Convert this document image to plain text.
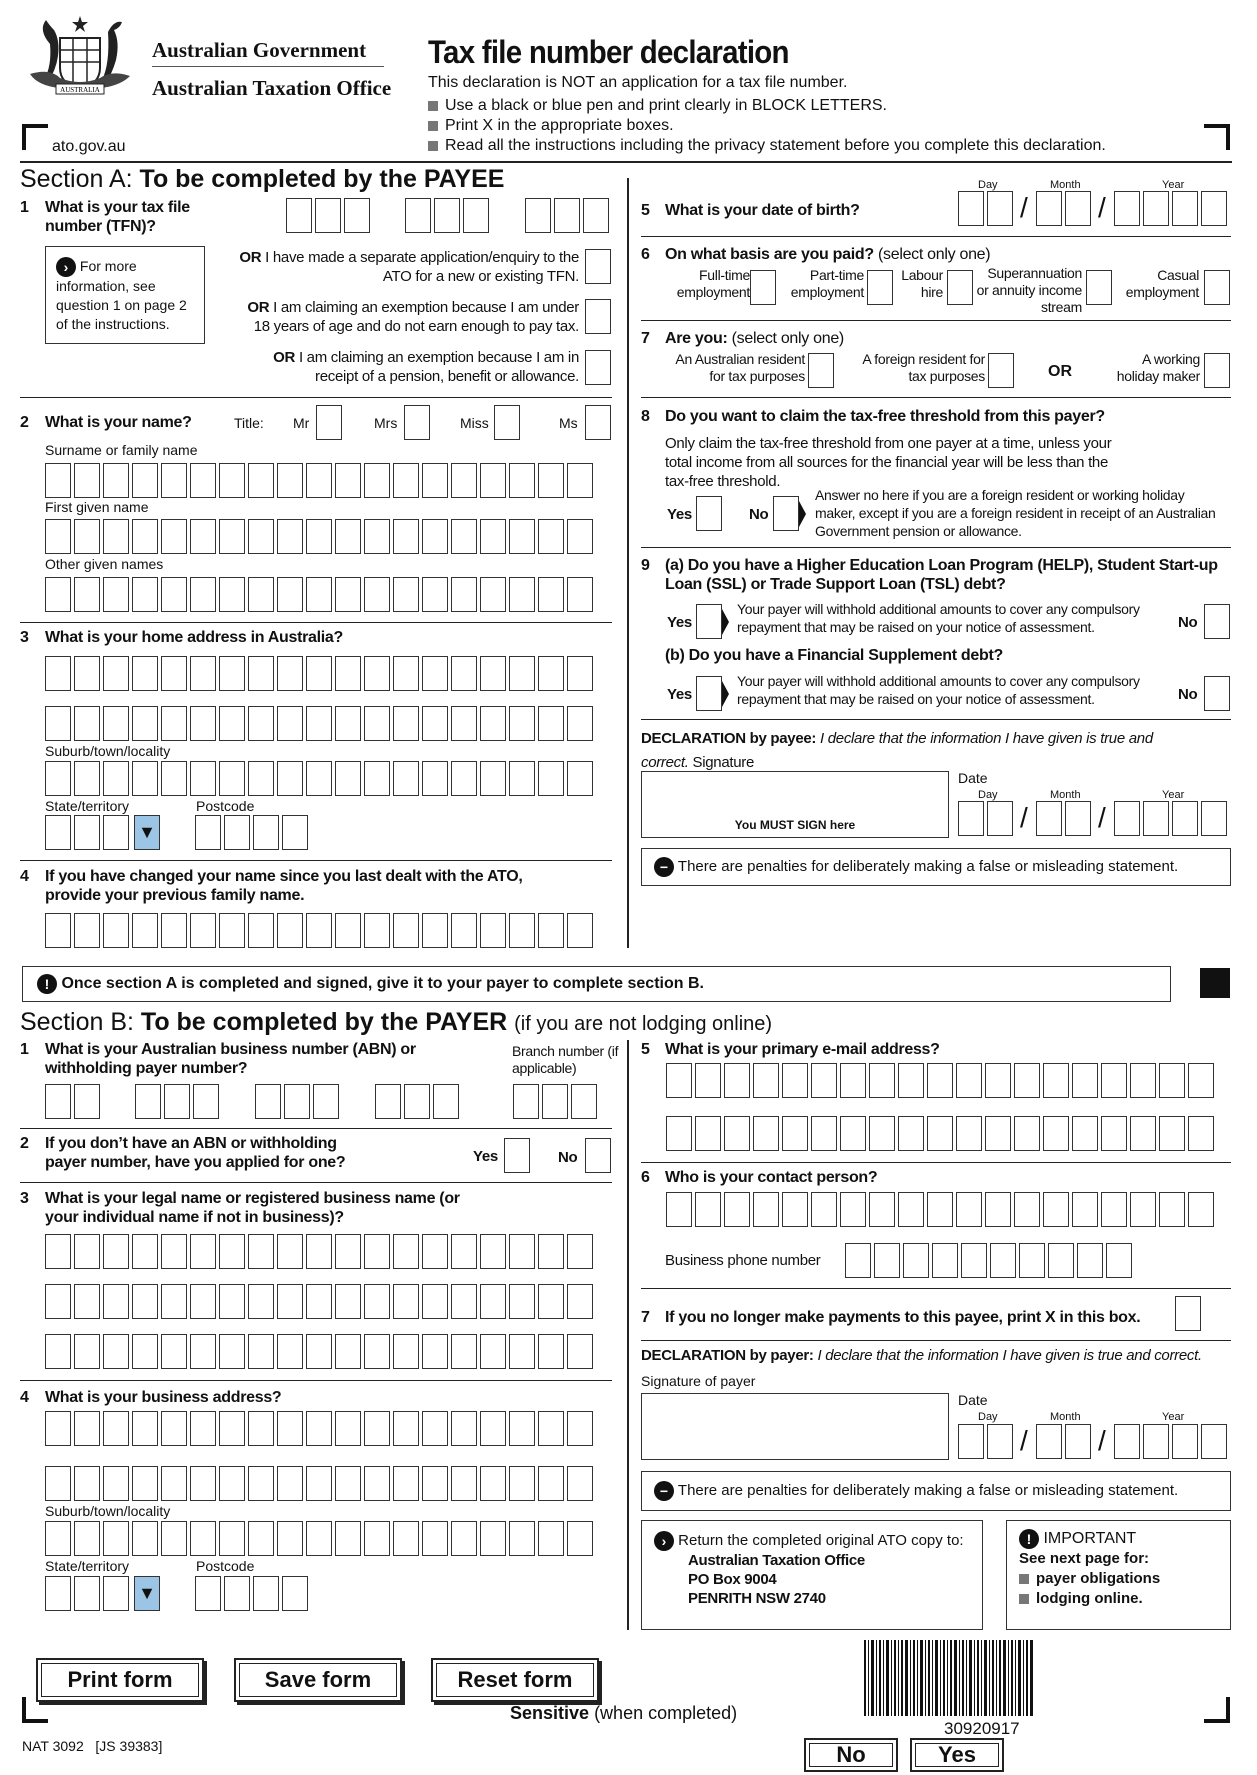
AUSTRALIA
Australian Government
Australian Taxation Office
ato.gov.au
Tax file number declaration
This declaration is NOT an application for a tax file number.
Use a black or blue pen and print clearly in BLOCK LETTERS.
Print X in the appropriate boxes.
Read all the instructions including the privacy statement before you complete this declaration.
Section A: To be completed by the PAYEE
1 What is your tax file number (TFN)?
› For more information, see question 1 on page 2 of the instructions.
OR I have made a separate application/enquiry to the ATO for a new or existing TFN.
OR I am claiming an exemption because I am under 18 years of age and do not earn enough to pay tax.
OR I am claiming an exemption because I am in receipt of a pension, benefit or allowance.
2 What is your name?	Title: Mr	Mrs	Miss	Ms
Surname or family name
First given name
Other given names
3 What is your home address in Australia?
Suburb/town/locality
State/territory	Postcode
▼
4 If you have changed your name since you last dealt with the ATO, provide your previous family name.
Day	Month	Year
5 What is your date of birth?	/	/
6 On what basis are you paid? (select only one)
Full-time employment
Part-time employment
Labour hire
Superannuation or annuity income stream
Casual employment
7 Are you: (select only one)
An Australian resident for tax purposes
A foreign resident for tax purposes	OR
A working holiday maker
8 Do you want to claim the tax-free threshold from this payer?
Only claim the tax-free threshold from one payer at a time, unless your total income from all sources for the financial year will be less than the tax-free threshold.
Yes	No
Answer no here if you are a foreign resident or working holiday maker, except if you are a foreign resident in receipt of an Australian Government pension or allowance.
9 (a) Do you have a Higher Education Loan Program (HELP), Student Start-up Loan (SSL) or Trade Support Loan (TSL) debt?
Yes
Your payer will withhold additional amounts to cover any compulsory repayment that may be raised on your notice of assessment.	No
(b) Do you have a Financial Supplement debt?
Yes
Your payer will withhold additional amounts to cover any compulsory repayment that may be raised on your notice of assessment.	No
DECLARATION by payee: I declare that the information I have given is true and correct. Signature
You MUST SIGN here
Date
Day	Month	Year
/	/
− There are penalties for deliberately making a false or misleading statement.
! Once section A is completed and signed, give it to your payer to complete section B.
Section B: To be completed by the PAYER (if you are not lodging online)
1 What is your Australian business number (ABN) or withholding payer number?
Branch number (if applicable)
2 If you don’t have an ABN or withholding payer number, have you applied for one?	Yes	No
3 What is your legal name or registered business name (or your individual name if not in business)?
4 What is your business address?
Suburb/town/locality
State/territory	Postcode
▼
5 What is your primary e-mail address?
6 Who is your contact person?
Business phone number
7 If you no longer make payments to this payee, print X in this box.
DECLARATION by payer: I declare that the information I have given is true and correct.
Signature of payer
Date
Day	Month	Year
/	/
− There are penalties for deliberately making a false or misleading statement.
› Return the completed original ATO copy to:
Australian Taxation Office
PO Box 9004
PENRITH NSW 2740
! IMPORTANT
See next page for:
payer obligations
lodging online.
Print form	Save form	Reset form
Sensitive (when completed)
30920917
NAT 3092 [JS 39383]	No	Yes
